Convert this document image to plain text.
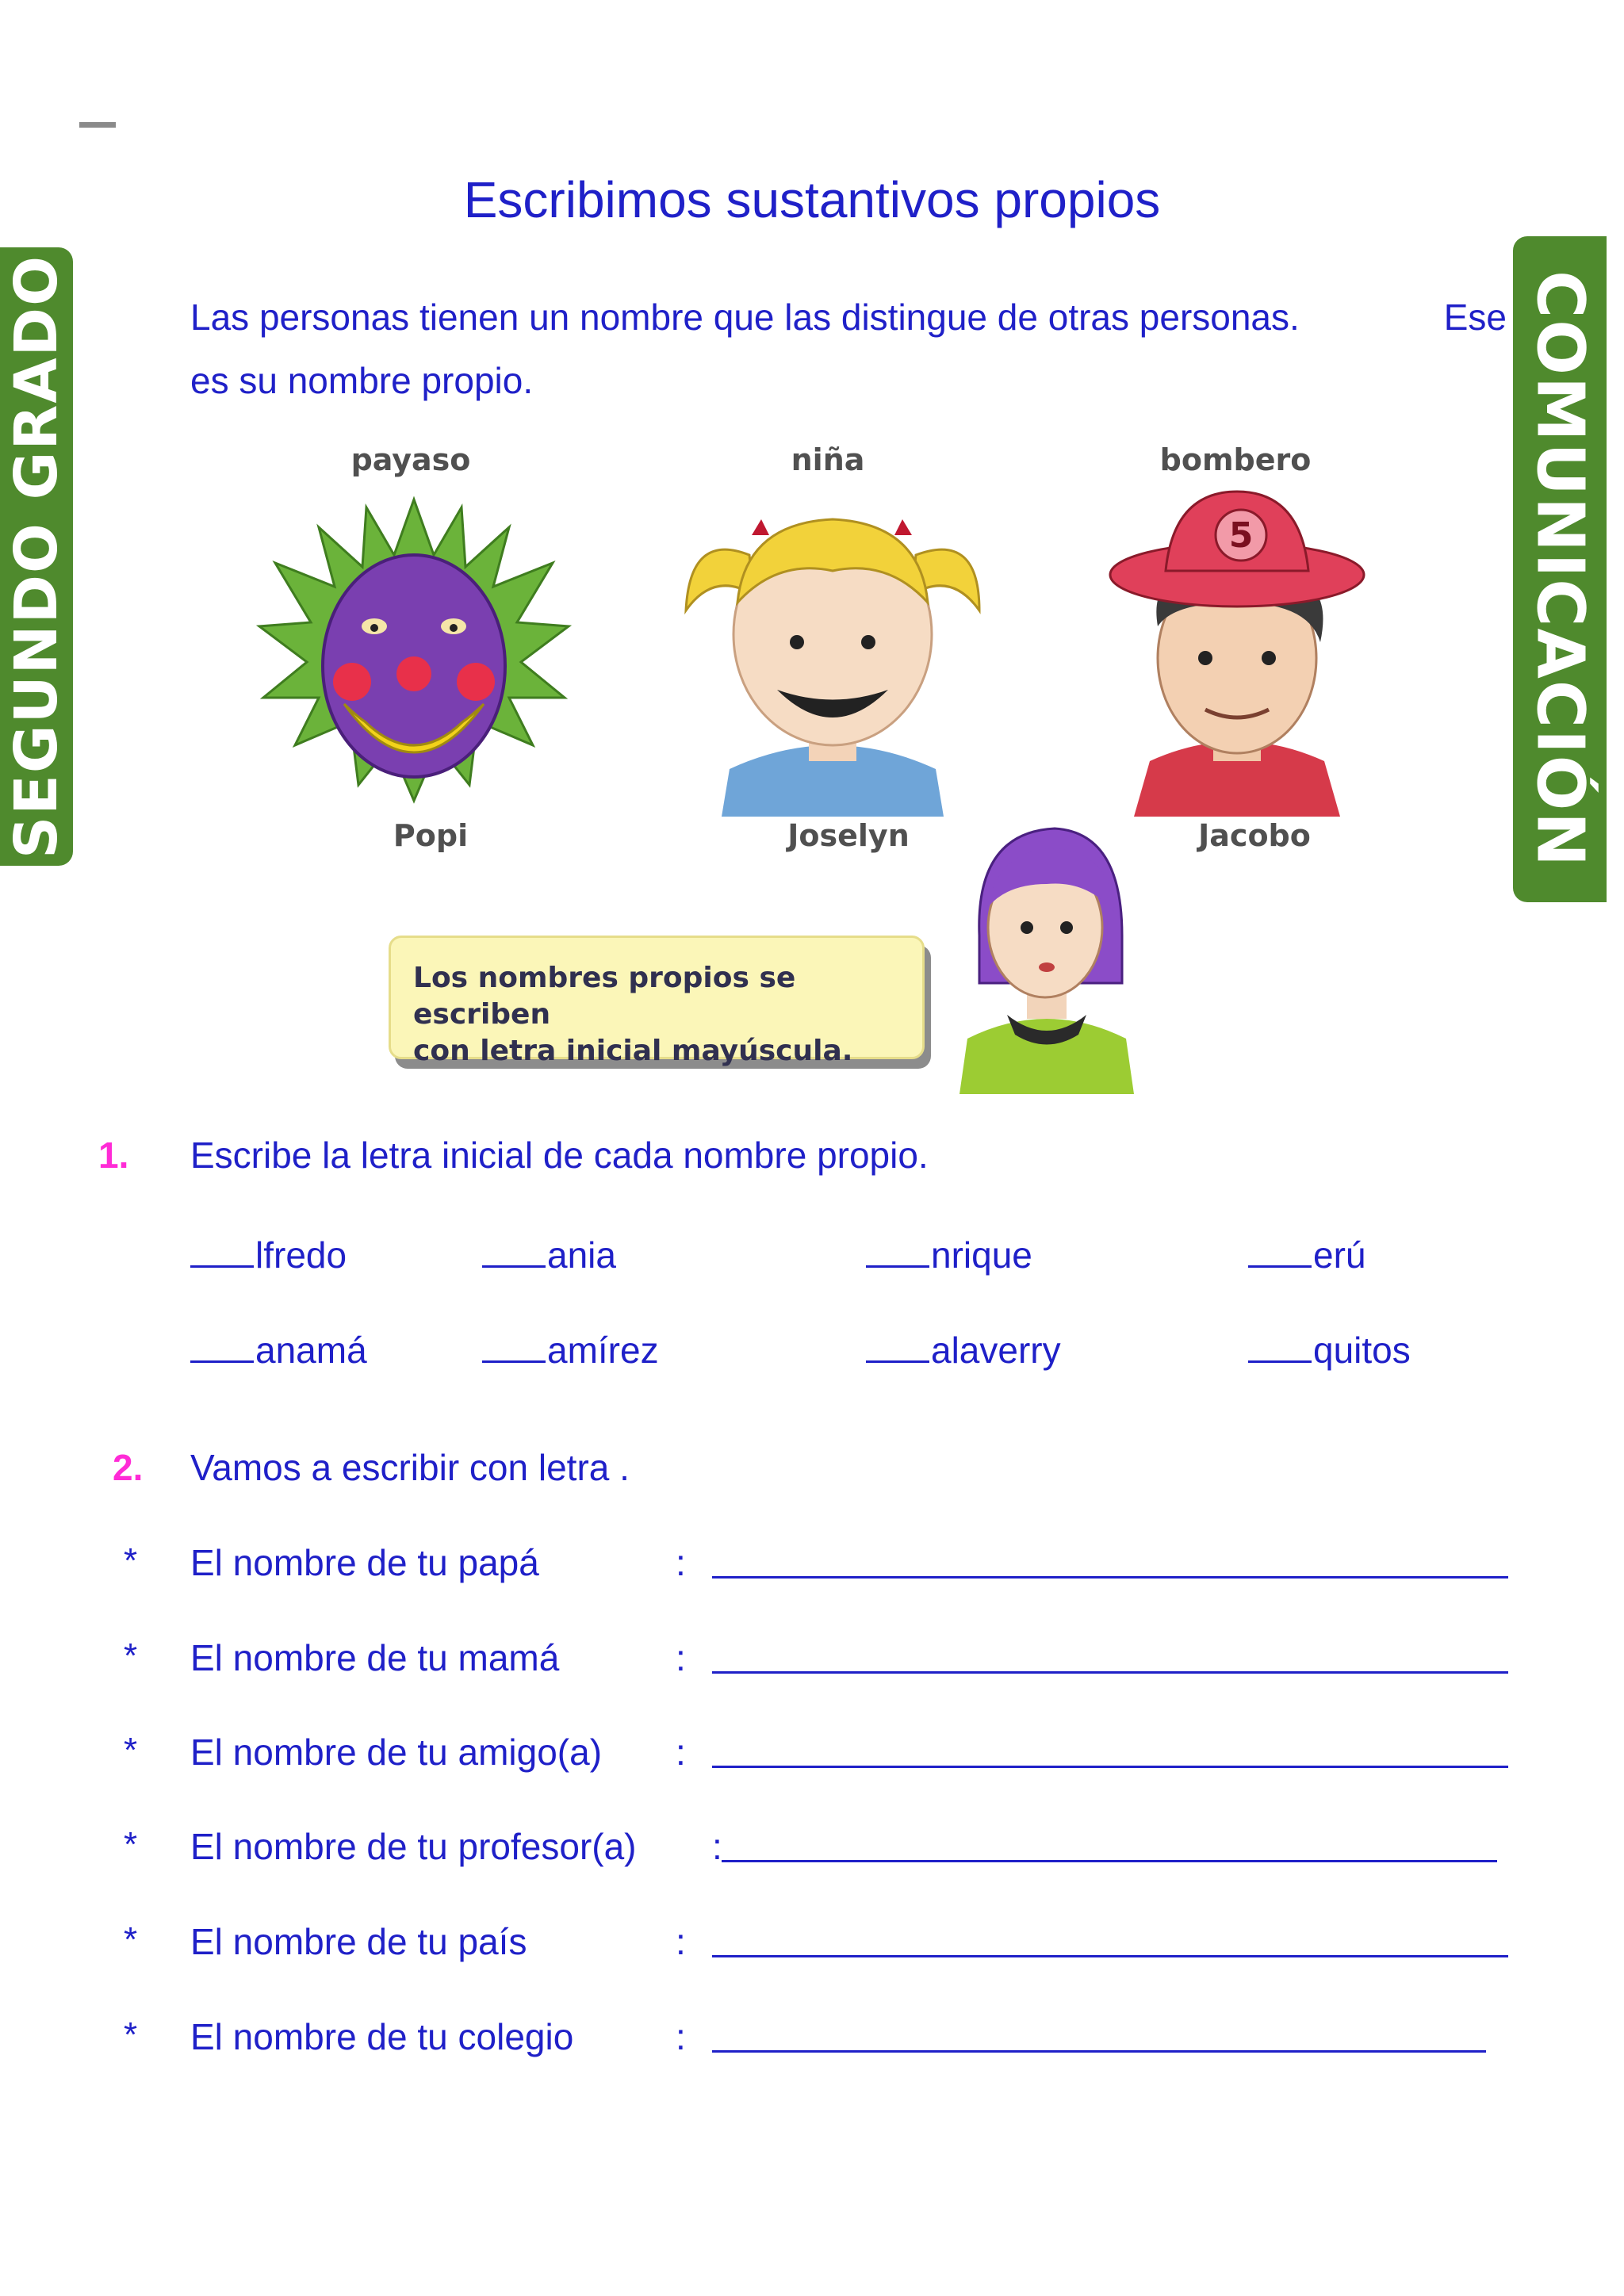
SEGUNDO GRADO	COMUNICACIÓN
Escribimos sustantivos propios
Las personas tienen un nombre que las distingue de otras personas.	Ese
es su nombre propio.
payaso	niña	bombero
5
Popi	Joselyn	Jacobo
Los nombres propios se escriben
con letra inicial mayúscula.
1. Escribe la letra inicial de cada nombre propio.
lfredo	ania	nrique	erú
anamá	amírez	alaverry	quitos
2. Vamos a escribir con letra .
* El nombre de tu papá	:
* El nombre de tu mamá	:
* El nombre de tu amigo(a) :
* El nombre de tu profesor(a) :
* El nombre de tu país	:
* El nombre de tu colegio	:
